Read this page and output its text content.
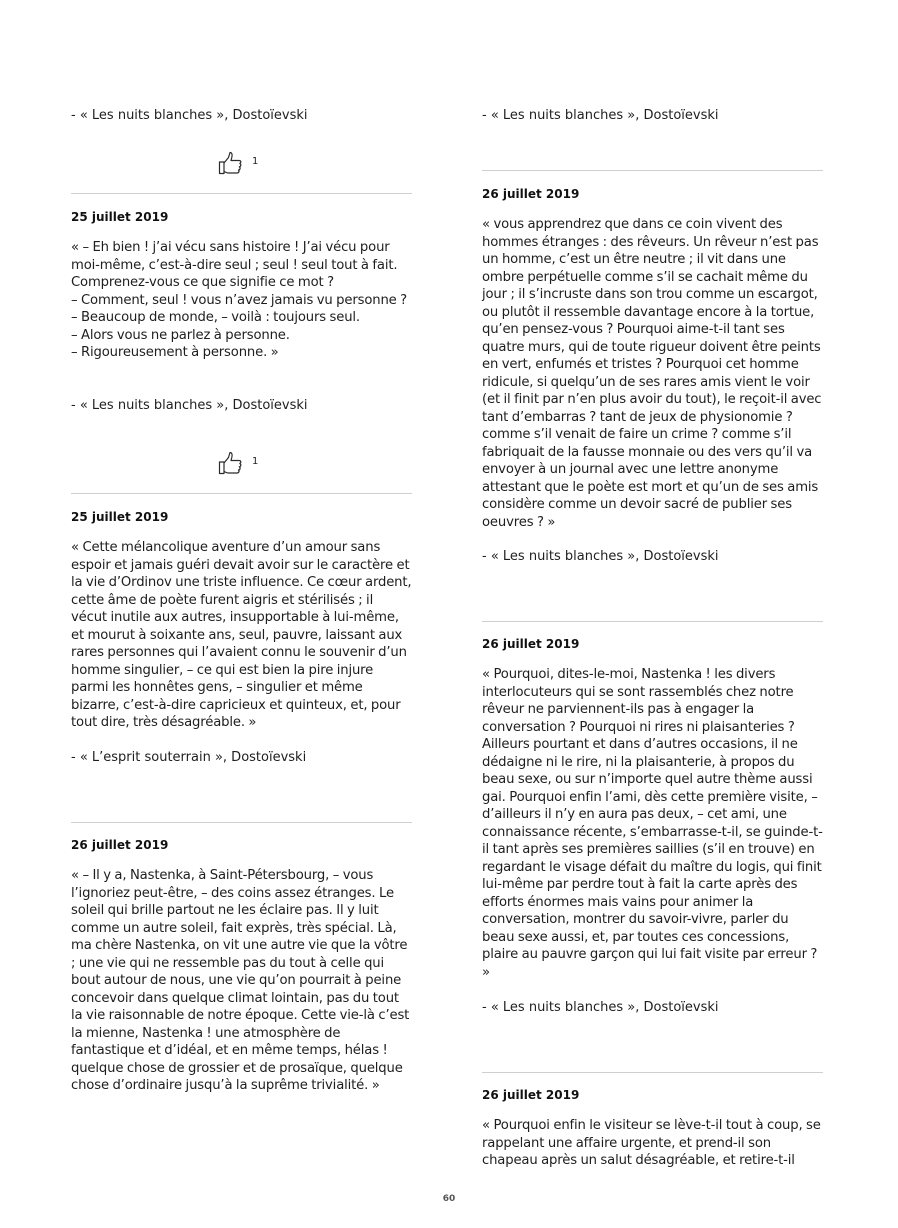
- « Les nuits blanches », Dostoïevski
1
25 juillet 2019
« – Eh bien ! j’ai vécu sans histoire ! J’ai vécu pour moi-même, c’est-à-dire seul ; seul ! seul tout à fait. Comprenez-vous ce que signifie ce mot ?
– Comment, seul ! vous n’avez jamais vu personne ?
– Beaucoup de monde, – voilà : toujours seul.
– Alors vous ne parlez à personne.
– Rigoureusement à personne. »
- « Les nuits blanches », Dostoïevski
1
25 juillet 2019
« Cette mélancolique aventure d’un amour sans espoir et jamais guéri devait avoir sur le caractère et la vie d’Ordinov une triste influence. Ce cœur ardent, cette âme de poète furent aigris et stérilisés ; il vécut inutile aux autres, insupportable à lui-même, et mourut à soixante ans, seul, pauvre, laissant aux rares personnes qui l’avaient connu le souvenir d’un homme singulier, – ce qui est bien la pire injure parmi les honnêtes gens, – singulier et même bizarre, c’est-à-dire capricieux et quinteux, et, pour tout dire, très désagréable. »
- « L’esprit souterrain », Dostoïevski
26 juillet 2019
« – Il y a, Nastenka, à Saint-Pétersbourg, – vous l’ignoriez peut-être, – des coins assez étranges. Le soleil qui brille partout ne les éclaire pas. Il y luit comme un autre soleil, fait exprès, très spécial. Là, ma chère Nastenka, on vit une autre vie que la vôtre ; une vie qui ne ressemble pas du tout à celle qui bout autour de nous, une vie qu’on pourrait à peine concevoir dans quelque climat lointain, pas du tout la vie raisonnable de notre époque. Cette vie-là c’est la mienne, Nastenka ! une atmosphère de fantastique et d’idéal, et en même temps, hélas ! quelque chose de grossier et de prosaïque, quelque chose d’ordinaire jusqu’à la suprême trivialité. »
- « Les nuits blanches », Dostoïevski
26 juillet 2019
« vous apprendrez que dans ce coin vivent des hommes étranges : des rêveurs. Un rêveur n’est pas un homme, c’est un être neutre ; il vit dans une ombre perpétuelle comme s’il se cachait même du jour ; il s’incruste dans son trou comme un escargot, ou plutôt il ressemble davantage encore à la tortue, qu’en pensez-vous ? Pourquoi aime-t-il tant ses quatre murs, qui de toute rigueur doivent être peints en vert, enfumés et tristes ? Pourquoi cet homme ridicule, si quelqu’un de ses rares amis vient le voir (et il finit par n’en plus avoir du tout), le reçoit-il avec tant d’embarras ? tant de jeux de physionomie ? comme s’il venait de faire un crime ? comme s’il fabriquait de la fausse monnaie ou des vers qu’il va envoyer à un journal avec une lettre anonyme attestant que le poète est mort et qu’un de ses amis considère comme un devoir sacré de publier ses oeuvres ? »
- « Les nuits blanches », Dostoïevski
26 juillet 2019
« Pourquoi, dites-le-moi, Nastenka ! les divers interlocuteurs qui se sont rassemblés chez notre rêveur ne parviennent-ils pas à engager la conversation ? Pourquoi ni rires ni plaisanteries ? Ailleurs pourtant et dans d’autres occasions, il ne dédaigne ni le rire, ni la plaisanterie, à propos du beau sexe, ou sur n’importe quel autre thème aussi gai. Pourquoi enfin l’ami, dès cette première visite, – d’ailleurs il n’y en aura pas deux, – cet ami, une connaissance récente, s’embarrasse-t-il, se guinde-t-il tant après ses premières saillies (s’il en trouve) en regardant le visage défait du maître du logis, qui finit lui-même par perdre tout à fait la carte après des efforts énormes mais vains pour animer la conversation, montrer du savoir-vivre, parler du beau sexe aussi, et, par toutes ces concessions, plaire au pauvre garçon qui lui fait visite par erreur ? »
- « Les nuits blanches », Dostoïevski
26 juillet 2019
« Pourquoi enfin le visiteur se lève-t-il tout à coup, se rappelant une affaire urgente, et prend-il son chapeau après un salut désagréable, et retire-t-il
60
